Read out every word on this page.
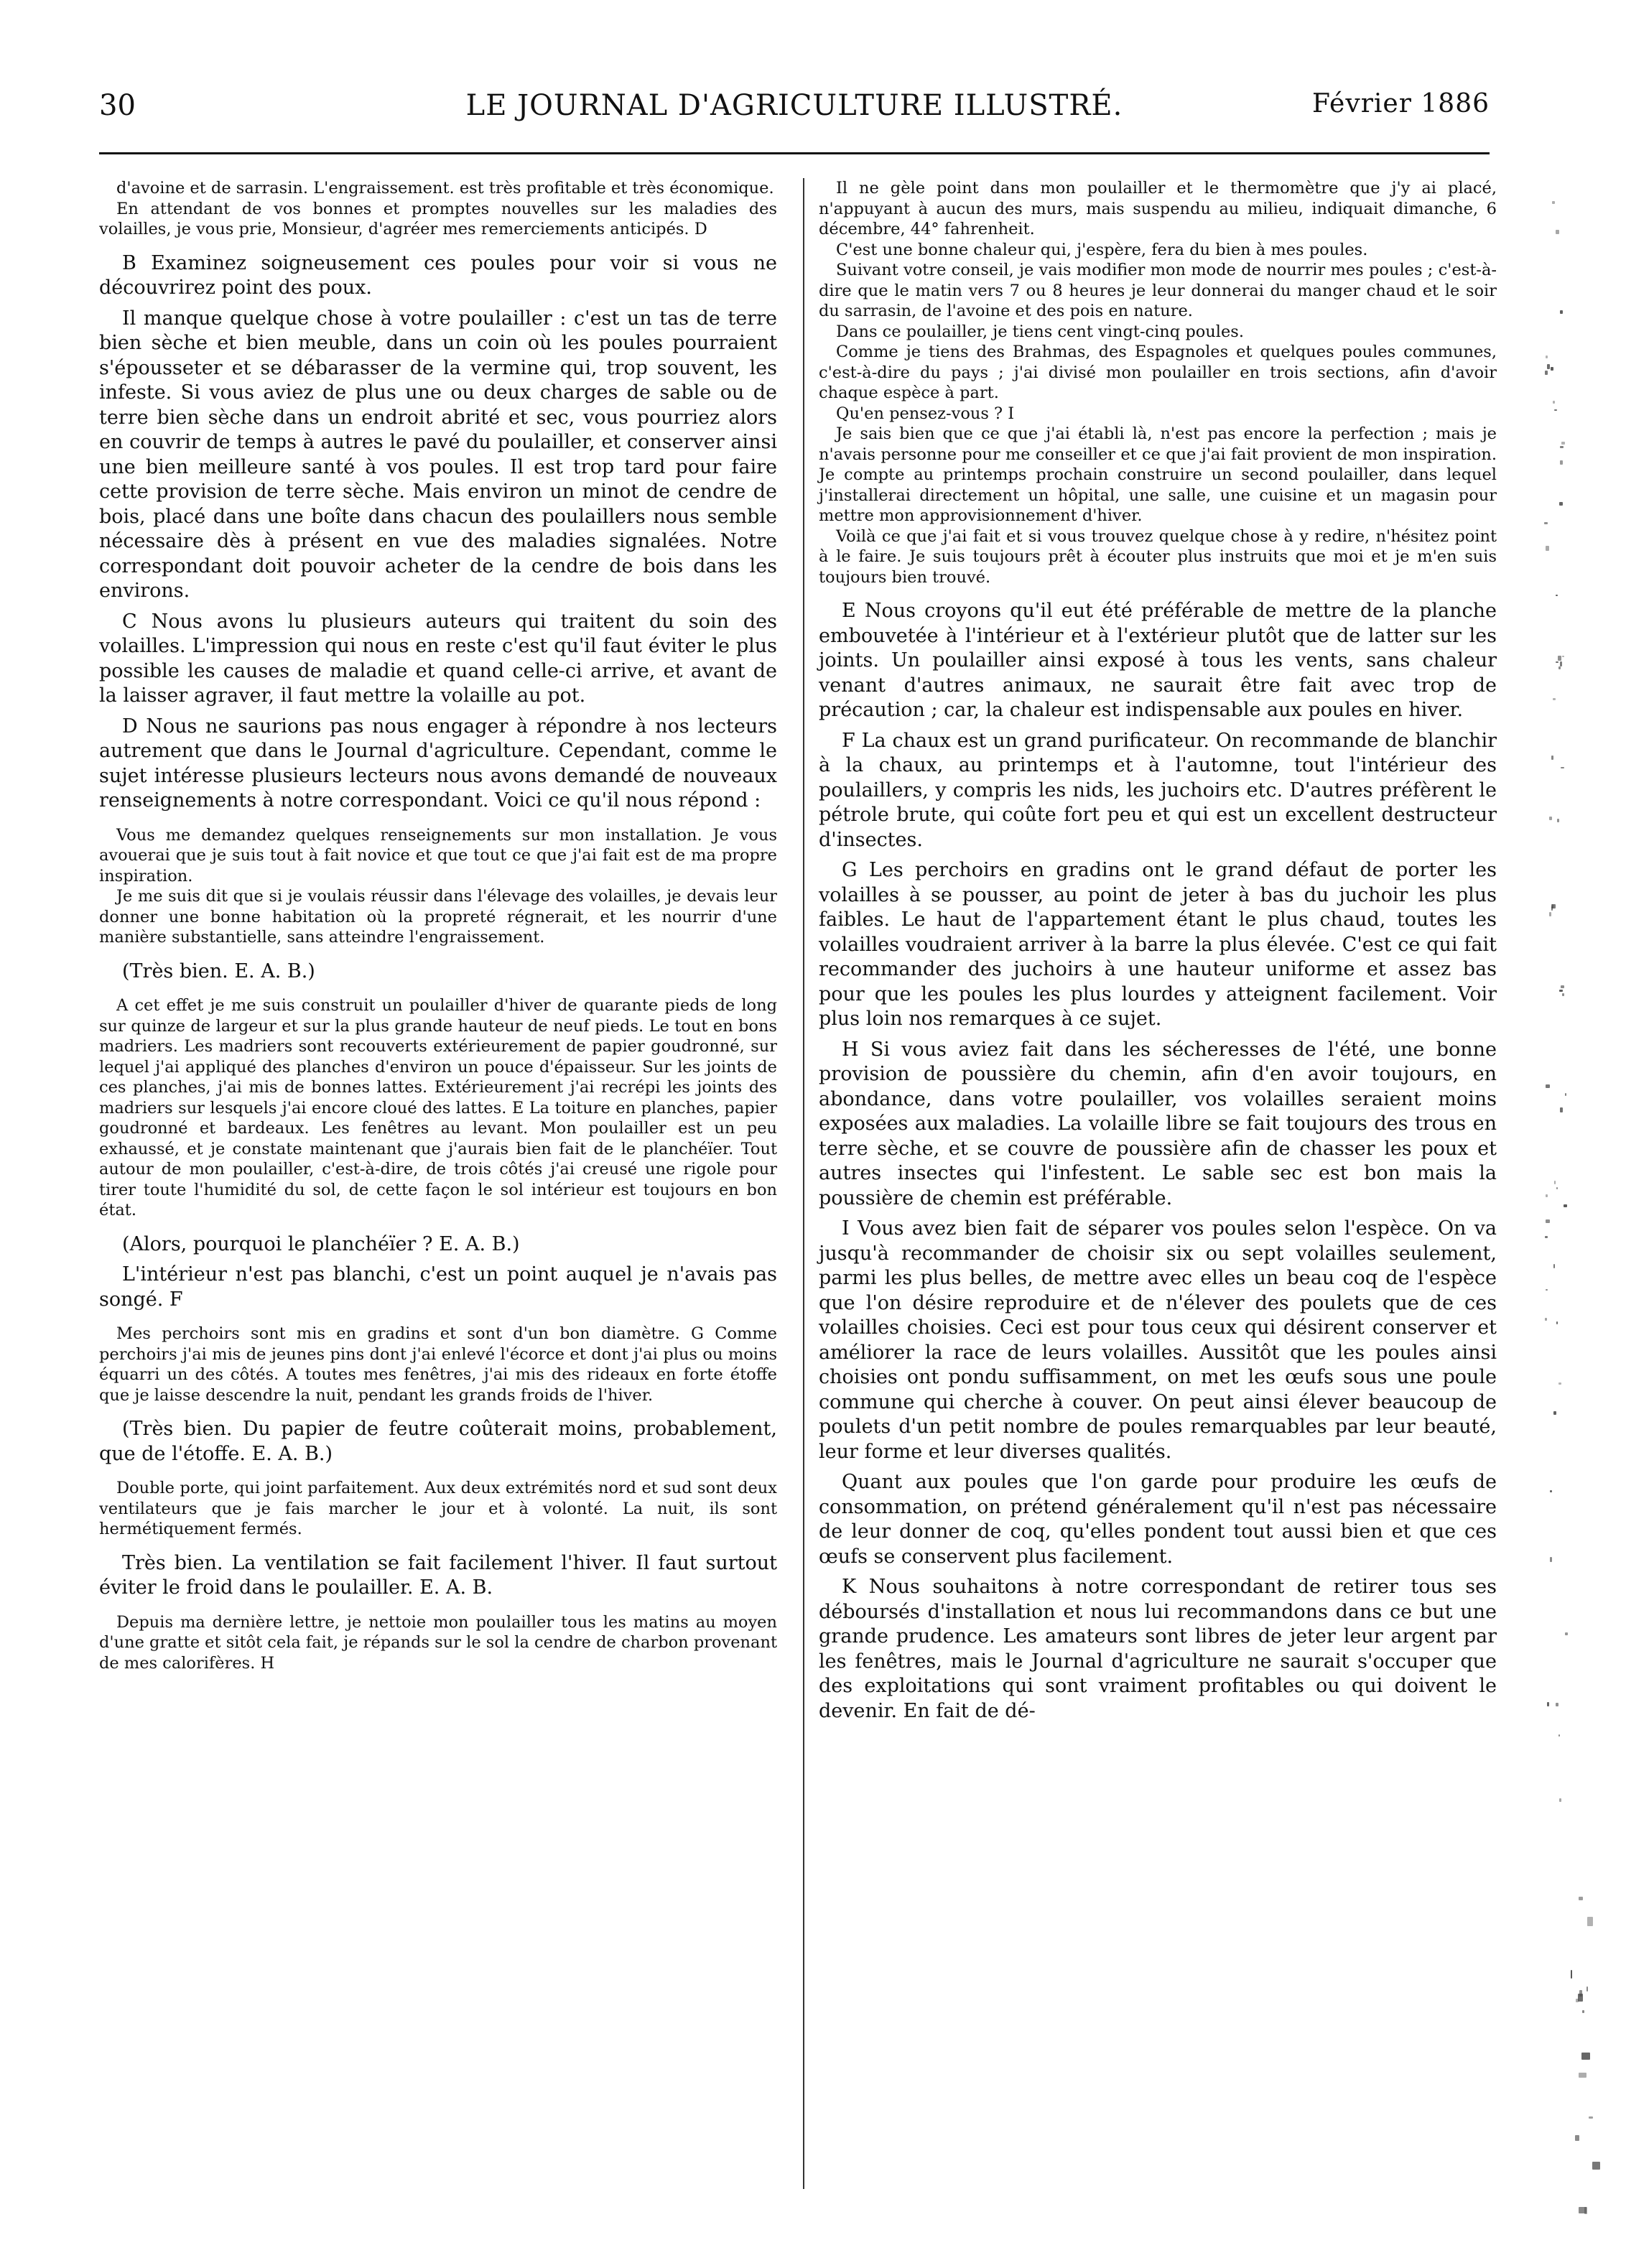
30	LE JOURNAL D'AGRICULTURE ILLUSTRÉ.	Février 1886

d'avoine et de sarrasin. L'engraissement. est très profitable et très économique.

En attendant de vos bonnes et promptes nouvelles sur les maladies des volailles, je vous prie, Monsieur, d'agréer mes remerciements anticipés. D

B Examinez soigneusement ces poules pour voir si vous ne découvrirez point des poux.

Il manque quelque chose à votre poulailler : c'est un tas de terre bien sèche et bien meuble, dans un coin où les poules pourraient s'épousseter et se débarasser de la vermine qui, trop souvent, les infeste. Si vous aviez de plus une ou deux charges de sable ou de terre bien sèche dans un endroit abrité et sec, vous pourriez alors en couvrir de temps à autres le pavé du poulailler, et conserver ainsi une bien meilleure santé à vos poules. Il est trop tard pour faire cette provision de terre sèche. Mais environ un minot de cendre de bois, placé dans une boîte dans chacun des poulaillers nous semble nécessaire dès à présent en vue des maladies signalées. Notre correspondant doit pouvoir acheter de la cendre de bois dans les environs.

C Nous avons lu plusieurs auteurs qui traitent du soin des volailles. L'impression qui nous en reste c'est qu'il faut éviter le plus possible les causes de maladie et quand celle-ci arrive, et avant de la laisser agraver, il faut mettre la volaille au pot.

D Nous ne saurions pas nous engager à répondre à nos lecteurs autrement que dans le Journal d'agriculture. Cependant, comme le sujet intéresse plusieurs lecteurs nous avons demandé de nouveaux renseignements à notre correspondant. Voici ce qu'il nous répond :

Vous me demandez quelques renseignements sur mon installation. Je vous avouerai que je suis tout à fait novice et que tout ce que j'ai fait est de ma propre inspiration.

Je me suis dit que si je voulais réussir dans l'élevage des volailles, je devais leur donner une bonne habitation où la propreté régnerait, et les nourrir d'une manière substantielle, sans atteindre l'engraissement.

(Très bien. E. A. B.)

A cet effet je me suis construit un poulailler d'hiver de quarante pieds de long sur quinze de largeur et sur la plus grande hauteur de neuf pieds. Le tout en bons madriers. Les madriers sont recouverts extérieurement de papier goudronné, sur lequel j'ai appliqué des planches d'environ un pouce d'épaisseur. Sur les joints de ces planches, j'ai mis de bonnes lattes. Extérieurement j'ai recrépi les joints des madriers sur lesquels j'ai encore cloué des lattes. E La toiture en planches, papier goudronné et bardeaux. Les fenêtres au levant. Mon poulailler est un peu exhaussé, et je constate maintenant que j'aurais bien fait de le planchéïer. Tout autour de mon poulailler, c'est-à-dire, de trois côtés j'ai creusé une rigole pour tirer toute l'humidité du sol, de cette façon le sol intérieur est toujours en bon état.

(Alors, pourquoi le planchéïer ? E. A. B.)

L'intérieur n'est pas blanchi, c'est un point auquel je n'avais pas songé. F

Mes perchoirs sont mis en gradins et sont d'un bon diamètre. G Comme perchoirs j'ai mis de jeunes pins dont j'ai enlevé l'écorce et dont j'ai plus ou moins équarri un des côtés. A toutes mes fenêtres, j'ai mis des rideaux en forte étoffe que je laisse descendre la nuit, pendant les grands froids de l'hiver.

(Très bien. Du papier de feutre coûterait moins, probablement, que de l'étoffe. E. A. B.)

Double porte, qui joint parfaitement. Aux deux extrémités nord et sud sont deux ventilateurs que je fais marcher le jour et à volonté. La nuit, ils sont hermétiquement fermés.

Très bien. La ventilation se fait facilement l'hiver. Il faut surtout éviter le froid dans le poulailler. E. A. B.

Depuis ma dernière lettre, je nettoie mon poulailler tous les matins au moyen d'une gratte et sitôt cela fait, je répands sur le sol la cendre de charbon provenant de mes calorifères. H

Il ne gèle point dans mon poulailler et le thermomètre que j'y ai placé, n'appuyant à aucun des murs, mais suspendu au milieu, indiquait dimanche, 6 décembre, 44° fahrenheit.

C'est une bonne chaleur qui, j'espère, fera du bien à mes poules.

Suivant votre conseil, je vais modifier mon mode de nourrir mes poules ; c'est-à-dire que le matin vers 7 ou 8 heures je leur donnerai du manger chaud et le soir du sarrasin, de l'avoine et des pois en nature.

Dans ce poulailler, je tiens cent vingt-cinq poules.

Comme je tiens des Brahmas, des Espagnoles et quelques poules communes, c'est-à-dire du pays ; j'ai divisé mon poulailler en trois sections, afin d'avoir chaque espèce à part.

Qu'en pensez-vous ? I

Je sais bien que ce que j'ai établi là, n'est pas encore la perfection ; mais je n'avais personne pour me conseiller et ce que j'ai fait provient de mon inspiration. Je compte au printemps prochain construire un second poulailler, dans lequel j'installerai directement un hôpital, une salle, une cuisine et un magasin pour mettre mon approvisionnement d'hiver.

Voilà ce que j'ai fait et si vous trouvez quelque chose à y redire, n'hésitez point à le faire. Je suis toujours prêt à écouter plus instruits que moi et je m'en suis toujours bien trouvé.

E Nous croyons qu'il eut été préférable de mettre de la planche embouvetée à l'intérieur et à l'extérieur plutôt que de latter sur les joints. Un poulailler ainsi exposé à tous les vents, sans chaleur venant d'autres animaux, ne saurait être fait avec trop de précaution ; car, la chaleur est indispensable aux poules en hiver.

F La chaux est un grand purificateur. On recommande de blanchir à la chaux, au printemps et à l'automne, tout l'intérieur des poulaillers, y compris les nids, les juchoirs etc. D'autres préfèrent le pétrole brute, qui coûte fort peu et qui est un excellent destructeur d'insectes.

G Les perchoirs en gradins ont le grand défaut de porter les volailles à se pousser, au point de jeter à bas du juchoir les plus faibles. Le haut de l'appartement étant le plus chaud, toutes les volailles voudraient arriver à la barre la plus élevée. C'est ce qui fait recommander des juchoirs à une hauteur uniforme et assez bas pour que les poules les plus lourdes y atteignent facilement. Voir plus loin nos remarques à ce sujet.

H Si vous aviez fait dans les sécheresses de l'été, une bonne provision de poussière du chemin, afin d'en avoir toujours, en abondance, dans votre poulailler, vos volailles seraient moins exposées aux maladies. La volaille libre se fait toujours des trous en terre sèche, et se couvre de poussière afin de chasser les poux et autres insectes qui l'infestent. Le sable sec est bon mais la poussière de chemin est préférable.

I Vous avez bien fait de séparer vos poules selon l'espèce. On va jusqu'à recommander de choisir six ou sept volailles seulement, parmi les plus belles, de mettre avec elles un beau coq de l'espèce que l'on désire reproduire et de n'élever des poulets que de ces volailles choisies. Ceci est pour tous ceux qui désirent conserver et améliorer la race de leurs volailles. Aussitôt que les poules ainsi choisies ont pondu suffisamment, on met les œufs sous une poule commune qui cherche à couver. On peut ainsi élever beaucoup de poulets d'un petit nombre de poules remarquables par leur beauté, leur forme et leur diverses qualités.

Quant aux poules que l'on garde pour produire les œufs de consommation, on prétend généralement qu'il n'est pas nécessaire de leur donner de coq, qu'elles pondent tout aussi bien et que ces œufs se conservent plus facilement.

K Nous souhaitons à notre correspondant de retirer tous ses déboursés d'installation et nous lui recommandons dans ce but une grande prudence. Les amateurs sont libres de jeter leur argent par les fenêtres, mais le Journal d'agriculture ne saurait s'occuper que des exploitations qui sont vraiment profitables ou qui doivent le devenir. En fait de dé-
